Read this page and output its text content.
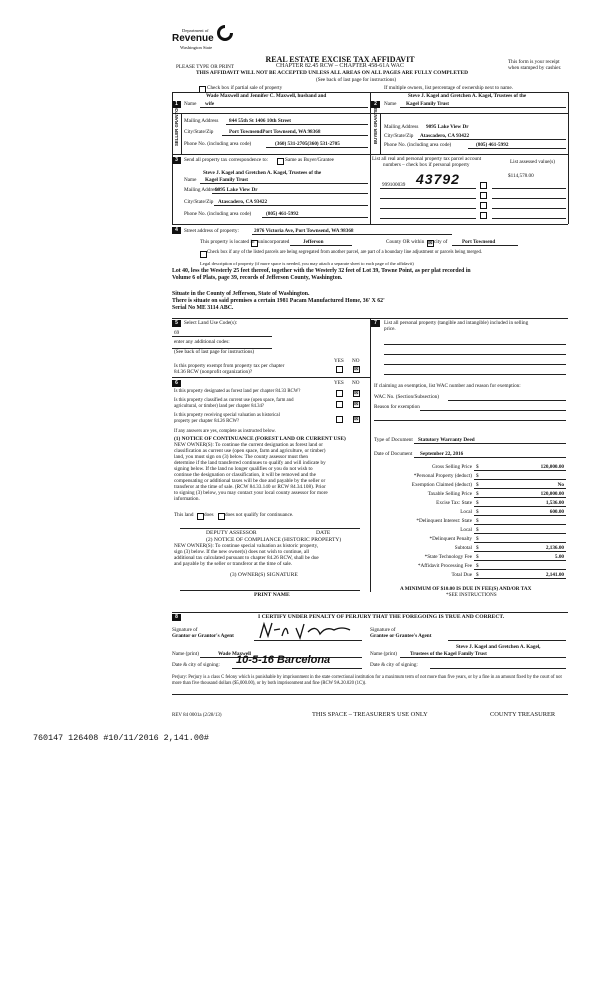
Department of
Revenue
Washington State
REAL ESTATE EXCISE TAX AFFIDAVIT
CHAPTER 82.45 RCW – CHAPTER 458-61A WAC
THIS AFFIDAVIT WILL NOT BE ACCEPTED UNLESS ALL AREAS ON ALL PAGES ARE FULLY COMPLETED
(See back of last page for instructions)
PLEASE TYPE OR PRINT
This form is your receipt
when stamped by cashier.
Check box if partial sale of property	If multiple owners, list percentage of ownership next to name.
1
Wade Maxwell and Jennifer C. Maxwell, husband and
Name wife
SELLER GRANTOR Mailing Address 844 55th St 1406 10th Street
City/State/Zip	Port TownsendPort Townsend, WA 98368
Phone No. (including area code)	(360) 531-2705(360) 531-2705
2
Steve J. Kagel and Gretchen A. Kagel, Trustees of the
Name Kagel Family Trust
BUYER GRANTEE Mailing Address 9095 Lake View Dr
City/State/Zip Atascadero, CA 93422
Phone No. (including area code)	(805) 461-5992
3	Send all property tax correspondence to:	Same as Buyer/Grantee
Steve J. Kagel and Gretchen A. Kagel, Trustees of the
Name Kagel Family Trust
Mailing Address
9095 Lake View Dr
City/State/Zip Atascadero, CA 93422
Phone No. (including area code)	(805) 461-5992
List all real and personal property tax parcel account
numbers – check box if personal property	List assessed value(s)
999100039 43792	$114,578.00
4	Street address of property:	2076 Victoria Ave, Port Townsend, WA 98368
This property is located in unincorporated	Jefferson	County OR within ☒ city of	Port Townsend
Check box if any of the listed parcels are being segregated from another parcel, are part of a boundary line adjustment or parcels being merged.
Legal description of property (if more space is needed, you may attach a separate sheet to each page of the affidavit)
Lot 40, less the Westerly 25 feet thereof, together with the Westerly 32 feet of Lot 39, Towne Point, as per plat recorded in
Volume 6 of Plats, page 39, records of Jefferson County, Washington.
Situate in the County of Jefferson, State of Washington.
There is situate on said premises a certain 1981 Pacam Manufactured Home, 36' X 62'
Serial No ME 3114 ABC.
5	Select Land Use Code(s):
69
enter any additional codes:
(See back of last page for instructions)
YES NO
Is this property exempt from property tax per chapter
84.36 RCW (nonprofit organization)?	☒
7	List all personal property (tangible and intangible) included in selling
price.
6	YES NO
Is this property designated as forest land per chapter 84.33 RCW?	☒
Is this property classified as current use (open space, farm and
agricultural, or timber) land per chapter 84.34?	☒
Is this property receiving special valuation as historical
property per chapter 84.26 RCW?	☒
If any answers are yes, complete as instructed below.
(1) NOTICE OF CONTINUANCE (FOREST LAND OR CURRENT USE)
NEW OWNER(S): To continue the current designation as forest land or
classification as current use (open space, farm and agriculture, or timber)
land, you must sign on (3) below. The county assessor must then
determine if the land transferred continues to qualify and will indicate by
signing below. If the land no longer qualifies or you do not wish to
continue the designation or classification, it will be removed and the
compensating or additional taxes will be due and payable by the seller or
transferor at the time of sale. (RCW 84.33.140 or RCW 84.34.108). Prior
to signing (3) below, you may contact your local county assessor for more
information.
This land does does not qualify for continuance.
DEPUTY ASSESSOR	DATE
(2) NOTICE OF COMPLIANCE (HISTORIC PROPERTY)
NEW OWNER(S): To continue special valuation as historic property,
sign (3) below. If the new owner(s) does not wish to continue, all
additional tax calculated pursuant to chapter 84.26 RCW, shall be due
and payable by the seller or transferor at the time of sale.
(3) OWNER(S) SIGNATURE
PRINT NAME
If claiming an exemption, list WAC number and reason for exemption:
WAC No. (Section/Subsection)
Reason for exemption
Type of Document Statutory Warranty Deed
Date of Document September 22, 2016
Gross Selling Price $	120,000.00
*Personal Property (deduct) $
Exemption Claimed (deduct) $	No
Taxable Selling Price $	120,000.00
Excise Tax: State $	1,536.00
Local $	600.00
*Delinquent Interest: State $
Local $
*Delinquent Penalty $
Subtotal $	2,136.00
*State Technology Fee $	5.00
*Affidavit Processing Fee $
Total Due $	2,141.00
A MINIMUM OF $10.00 IS DUE IN FEE(S) AND/OR TAX
*SEE INSTRUCTIONS
8	I CERTIFY UNDER PENALTY OF PERJURY THAT THE FOREGOING IS TRUE AND CORRECT.
Signature of
Grantor or Grantor's Agent
Signature of
Grantee or Grantee's Agent
Steve J. Kagel and Gretchen A. Kagel,
Name (print)	Wade Maxwell	Name (print)	Trustees of the Kagel Family Trust
Date & city of signing: 10-5-16 Barcelona	Date & city of signing:
Perjury: Perjury is a class C felony which is punishable by imprisonment in the state correctional institution for a maximum term of not more than five years, or by a fine in an amount fixed by the court of not more than five thousand dollars ($5,000.00), or by both imprisonment and fine (RCW 9A.20.020 (1C)).
REV 84 0001a (2/28/13)	THIS SPACE – TREASURER'S USE ONLY	COUNTY TREASURER
760147 126408 #10/11/2016 2,141.00#
